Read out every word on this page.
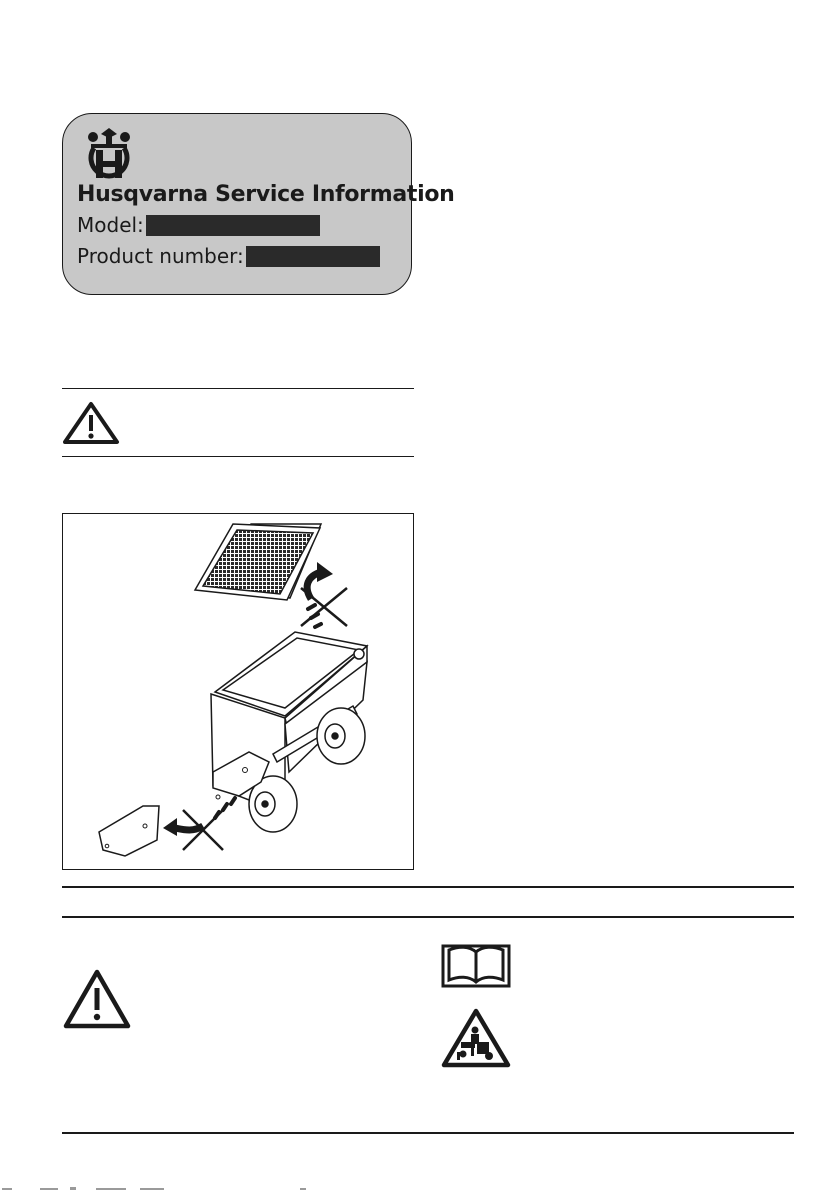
Husqvarna Service Information
Model:
Product number:
